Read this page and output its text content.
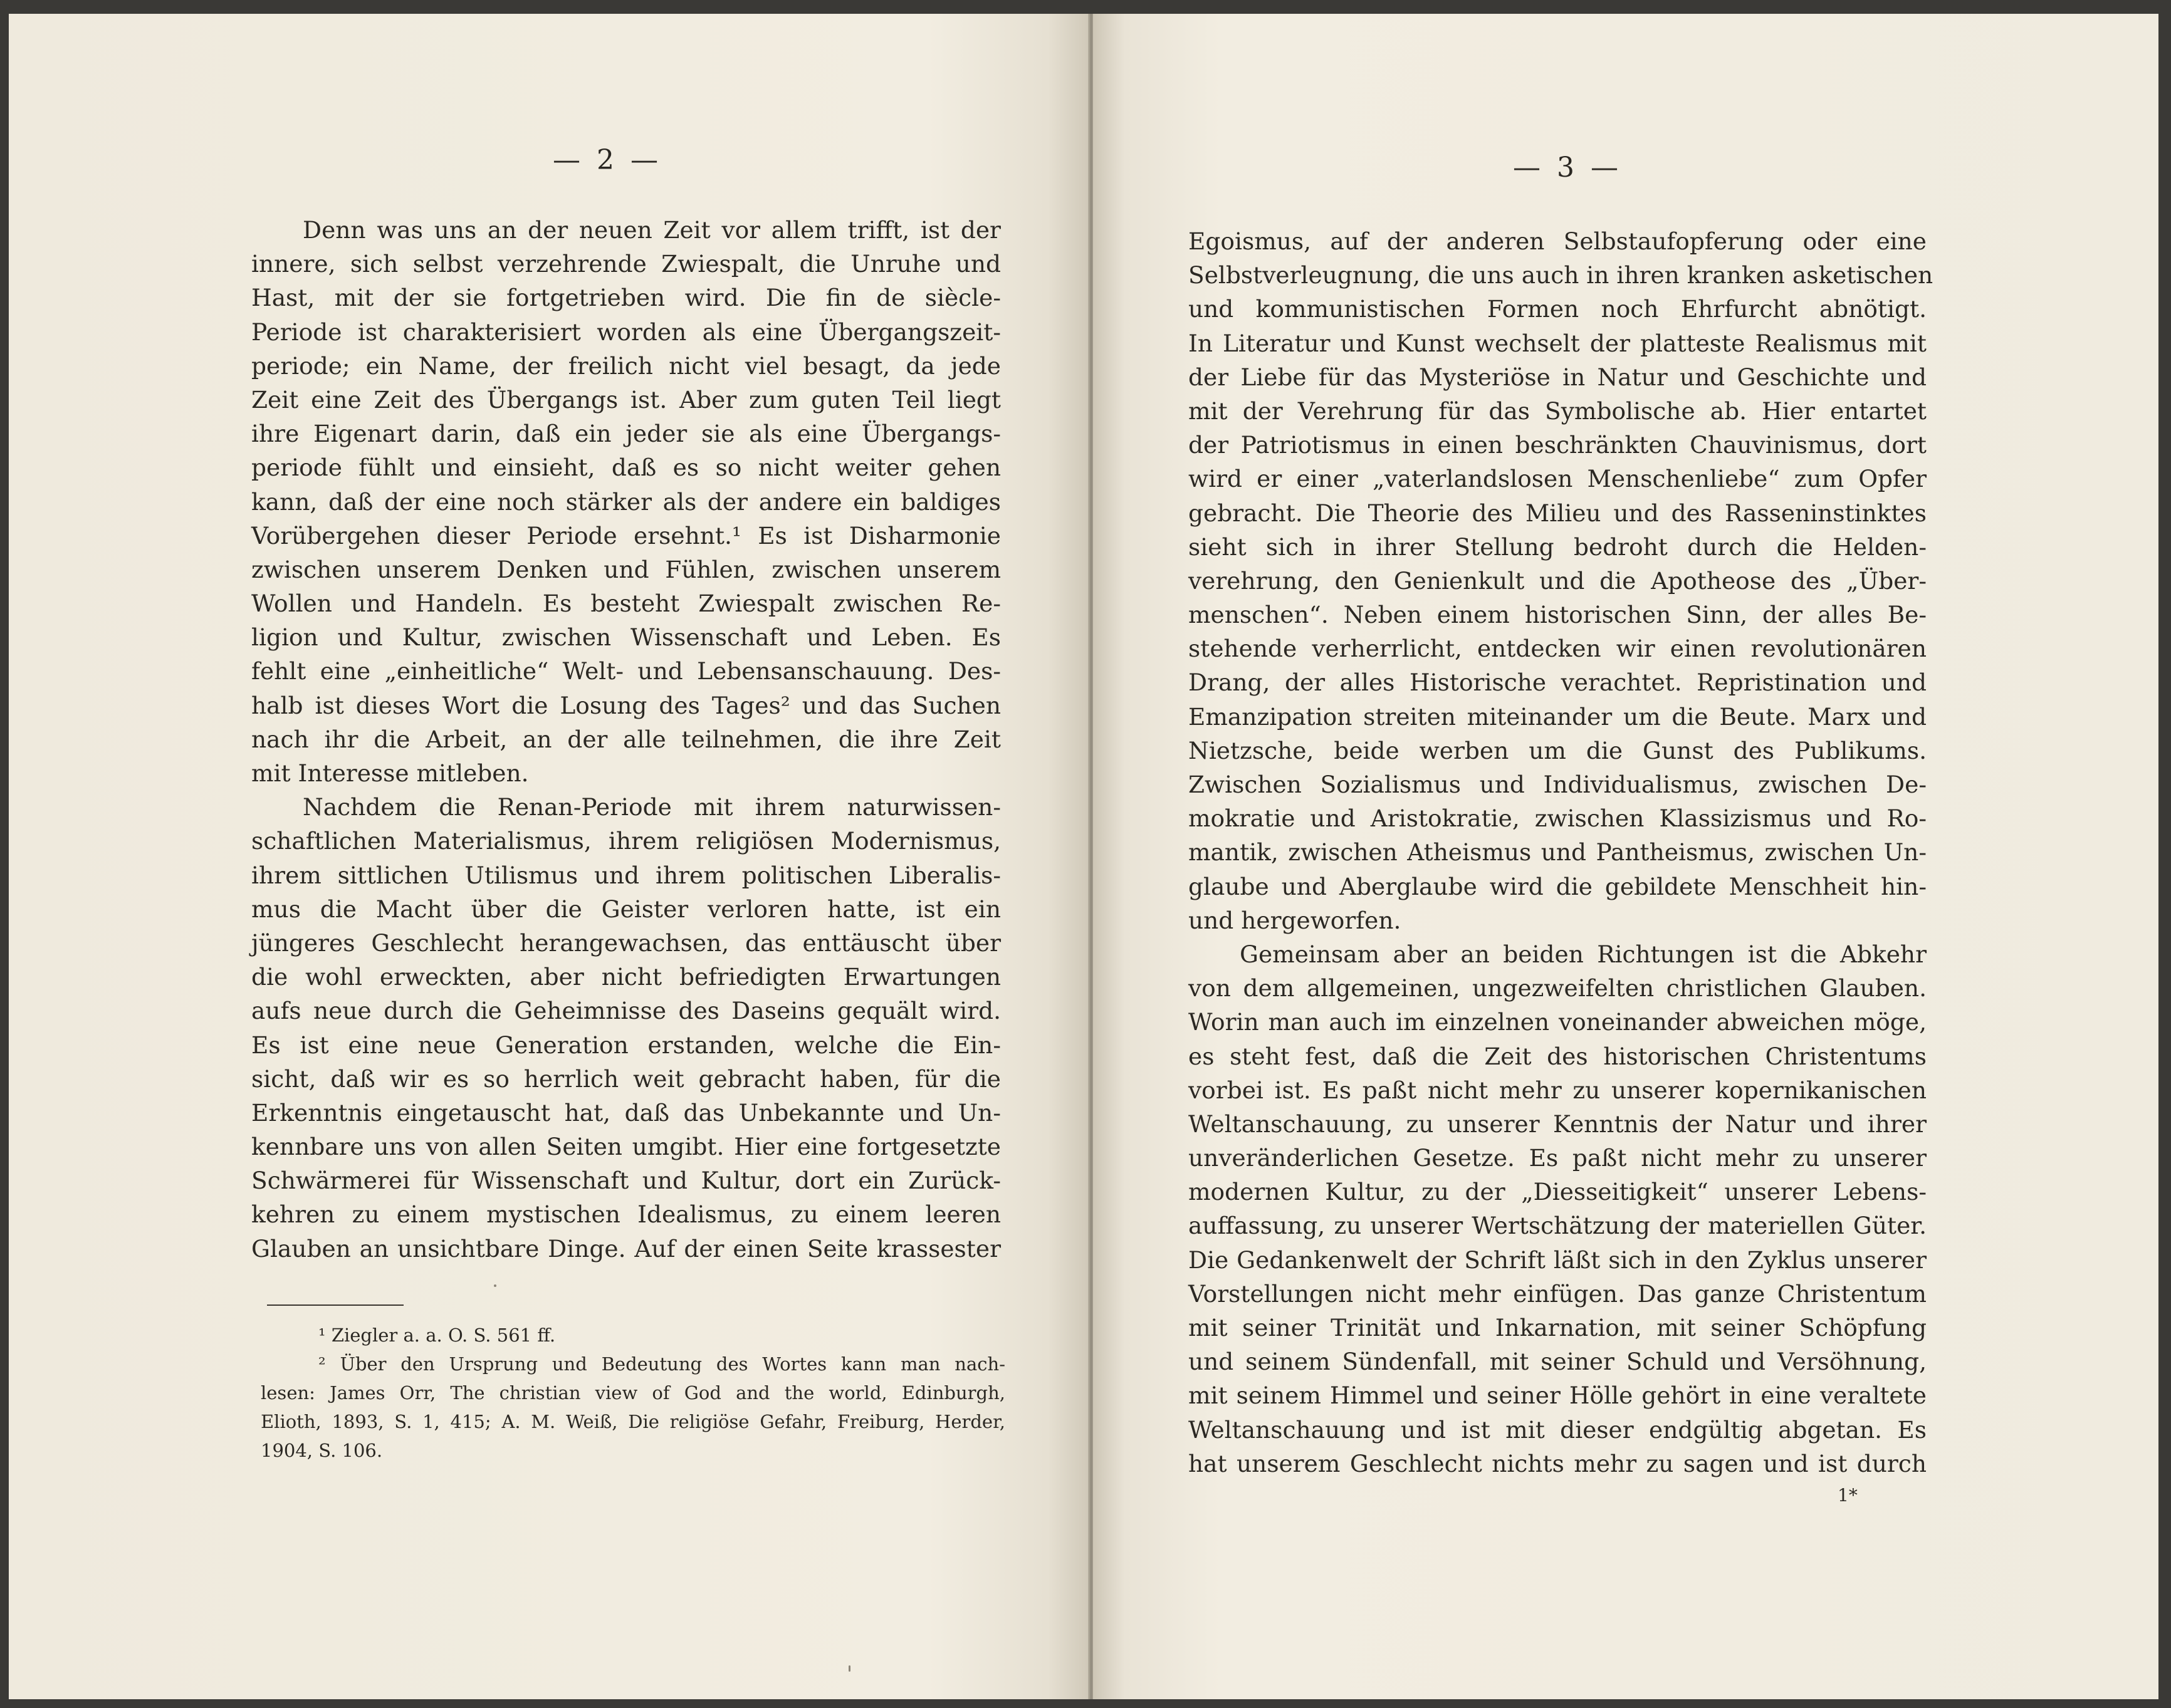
— 2 —
Denn was uns an der neuen Zeit vor allem trifft, ist der
innere, sich selbst verzehrende Zwiespalt, die Unruhe und
Hast, mit der sie fortgetrieben wird. Die fin de siècle-
Periode ist charakterisiert worden als eine Übergangszeit-
periode; ein Name, der freilich nicht viel besagt, da jede
Zeit eine Zeit des Übergangs ist. Aber zum guten Teil liegt
ihre Eigenart darin, daß ein jeder sie als eine Übergangs-
periode fühlt und einsieht, daß es so nicht weiter gehen
kann, daß der eine noch stärker als der andere ein baldiges
Vorübergehen dieser Periode ersehnt.¹ Es ist Disharmonie
zwischen unserem Denken und Fühlen, zwischen unserem
Wollen und Handeln. Es besteht Zwiespalt zwischen Re-
ligion und Kultur, zwischen Wissenschaft und Leben. Es
fehlt eine „einheitliche“ Welt- und Lebensanschauung. Des-
halb ist dieses Wort die Losung des Tages² und das Suchen
nach ihr die Arbeit, an der alle teilnehmen, die ihre Zeit
mit Interesse mitleben.
Nachdem die Renan-Periode mit ihrem naturwissen-
schaftlichen Materialismus, ihrem religiösen Modernismus,
ihrem sittlichen Utilismus und ihrem politischen Liberalis-
mus die Macht über die Geister verloren hatte, ist ein
jüngeres Geschlecht herangewachsen, das enttäuscht über
die wohl erweckten, aber nicht befriedigten Erwartungen
aufs neue durch die Geheimnisse des Daseins gequält wird.
Es ist eine neue Generation erstanden, welche die Ein-
sicht, daß wir es so herrlich weit gebracht haben, für die
Erkenntnis eingetauscht hat, daß das Unbekannte und Un-
kennbare uns von allen Seiten umgibt. Hier eine fortgesetzte
Schwärmerei für Wissenschaft und Kultur, dort ein Zurück-
kehren zu einem mystischen Idealismus, zu einem leeren
Glauben an unsichtbare Dinge. Auf der einen Seite krassester
¹ Ziegler a. a. O. S. 561 ff.
² Über den Ursprung und Bedeutung des Wortes kann man nach-
lesen: James Orr, The christian view of God and the world, Edinburgh,
Elioth, 1893, S. 1, 415; A. M. Weiß, Die religiöse Gefahr, Freiburg, Herder,
1904, S. 106.
— 3 —
Egoismus, auf der anderen Selbstaufopferung oder eine
Selbstverleugnung, die uns auch in ihren kranken asketischen
und kommunistischen Formen noch Ehrfurcht abnötigt.
In Literatur und Kunst wechselt der platteste Realismus mit
der Liebe für das Mysteriöse in Natur und Geschichte und
mit der Verehrung für das Symbolische ab. Hier entartet
der Patriotismus in einen beschränkten Chauvinismus, dort
wird er einer „vaterlandslosen Menschenliebe“ zum Opfer
gebracht. Die Theorie des Milieu und des Rasseninstinktes
sieht sich in ihrer Stellung bedroht durch die Helden-
verehrung, den Genienkult und die Apotheose des „Über-
menschen“. Neben einem historischen Sinn, der alles Be-
stehende verherrlicht, entdecken wir einen revolutionären
Drang, der alles Historische verachtet. Repristination und
Emanzipation streiten miteinander um die Beute. Marx und
Nietzsche, beide werben um die Gunst des Publikums.
Zwischen Sozialismus und Individualismus, zwischen De-
mokratie und Aristokratie, zwischen Klassizismus und Ro-
mantik, zwischen Atheismus und Pantheismus, zwischen Un-
glaube und Aberglaube wird die gebildete Menschheit hin-
und hergeworfen.
Gemeinsam aber an beiden Richtungen ist die Abkehr
von dem allgemeinen, ungezweifelten christlichen Glauben.
Worin man auch im einzelnen voneinander abweichen möge,
es steht fest, daß die Zeit des historischen Christentums
vorbei ist. Es paßt nicht mehr zu unserer kopernikanischen
Weltanschauung, zu unserer Kenntnis der Natur und ihrer
unveränderlichen Gesetze. Es paßt nicht mehr zu unserer
modernen Kultur, zu der „Diesseitigkeit“ unserer Lebens-
auffassung, zu unserer Wertschätzung der materiellen Güter.
Die Gedankenwelt der Schrift läßt sich in den Zyklus unserer
Vorstellungen nicht mehr einfügen. Das ganze Christentum
mit seiner Trinität und Inkarnation, mit seiner Schöpfung
und seinem Sündenfall, mit seiner Schuld und Versöhnung,
mit seinem Himmel und seiner Hölle gehört in eine veraltete
Weltanschauung und ist mit dieser endgültig abgetan. Es
hat unserem Geschlecht nichts mehr zu sagen und ist durch
1*
